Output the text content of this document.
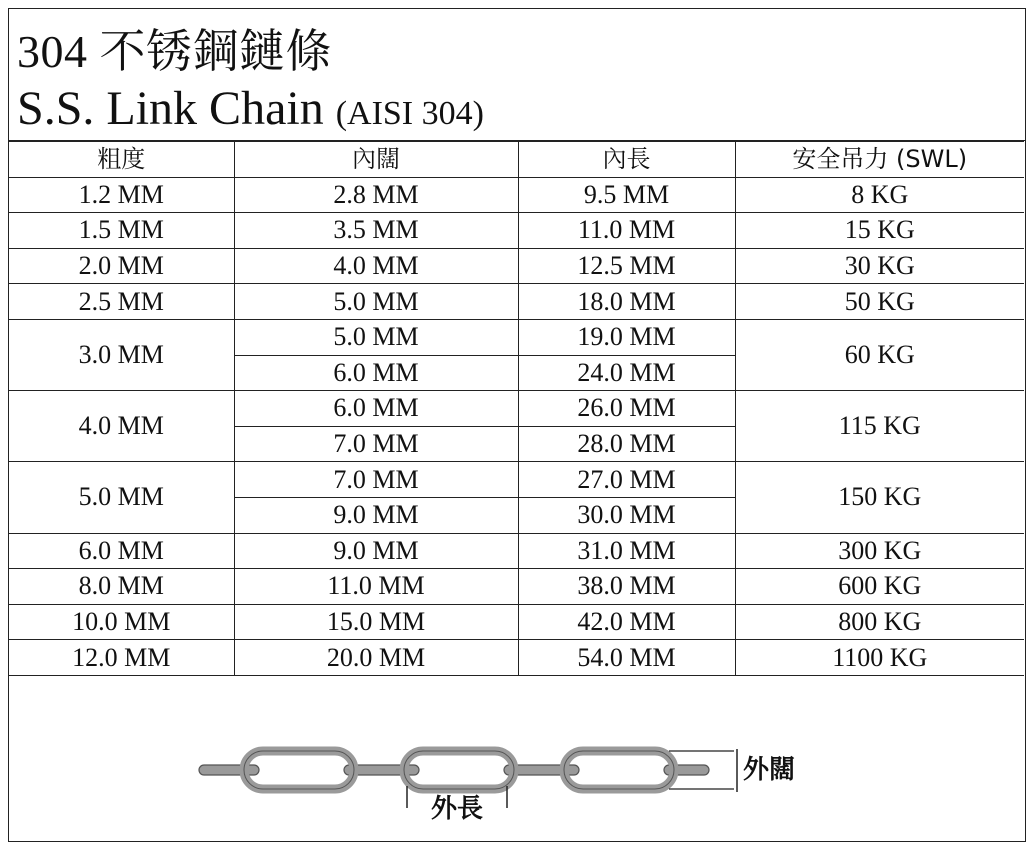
304 不锈鋼鏈條
S.S. Link Chain (AISI 304)
粗度	內闊	內長	安全吊力 (SWL)
1.2 MM	2.8 MM	9.5 MM	8 KG
1.5 MM	3.5 MM	11.0 MM	15 KG
2.0 MM	4.0 MM	12.5 MM	30 KG
2.5 MM	5.0 MM	18.0 MM	50 KG
3.0 MM	5.0 MM	19.0 MM	60 KG
	6.0 MM	24.0 MM	
4.0 MM	6.0 MM	26.0 MM	115 KG
	7.0 MM	28.0 MM	
5.0 MM	7.0 MM	27.0 MM	150 KG
	9.0 MM	30.0 MM	
6.0 MM	9.0 MM	31.0 MM	300 KG
8.0 MM	11.0 MM	38.0 MM	600 KG
10.0 MM	15.0 MM	42.0 MM	800 KG
12.0 MM	20.0 MM	54.0 MM	1100 KG
外闊
外長
